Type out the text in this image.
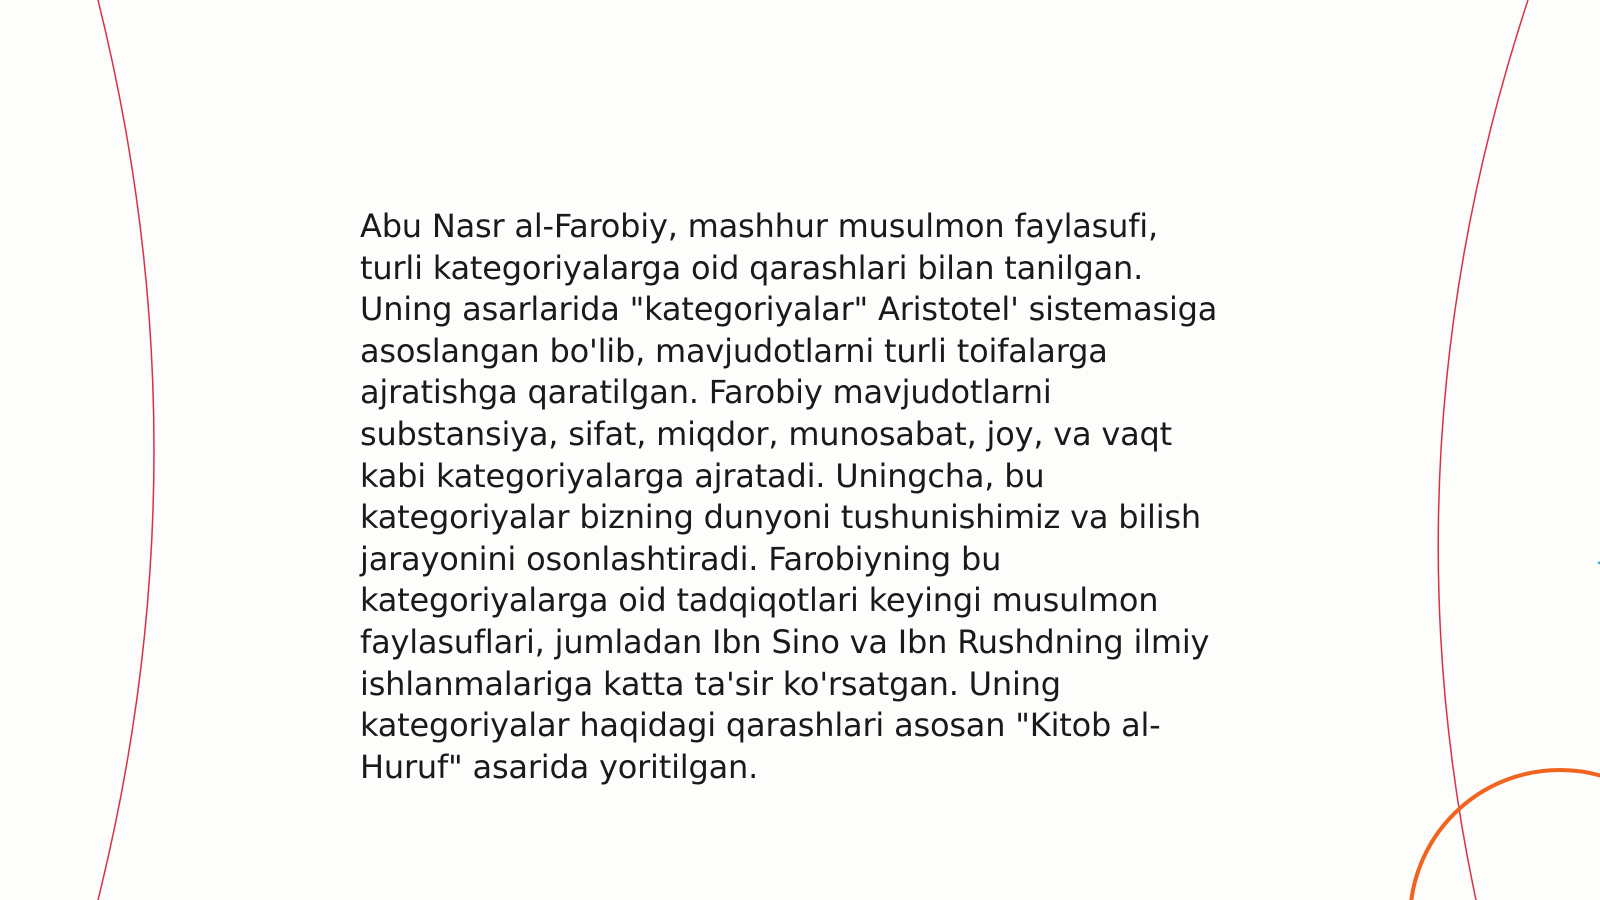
Abu Nasr al-Farobiy, mashhur musulmon faylasufi,
turli kategoriyalarga oid qarashlari bilan tanilgan.
Uning asarlarida "kategoriyalar" Aristotel' sistemasiga
asoslangan bo'lib, mavjudotlarni turli toifalarga
ajratishga qaratilgan. Farobiy mavjudotlarni
substansiya, sifat, miqdor, munosabat, joy, va vaqt
kabi kategoriyalarga ajratadi. Uningcha, bu
kategoriyalar bizning dunyoni tushunishimiz va bilish
jarayonini osonlashtiradi. Farobiyning bu
kategoriyalarga oid tadqiqotlari keyingi musulmon
faylasuflari, jumladan Ibn Sino va Ibn Rushdning ilmiy
ishlanmalariga katta ta'sir ko'rsatgan. Uning
kategoriyalar haqidagi qarashlari asosan "Kitob al-
Huruf" asarida yoritilgan.
